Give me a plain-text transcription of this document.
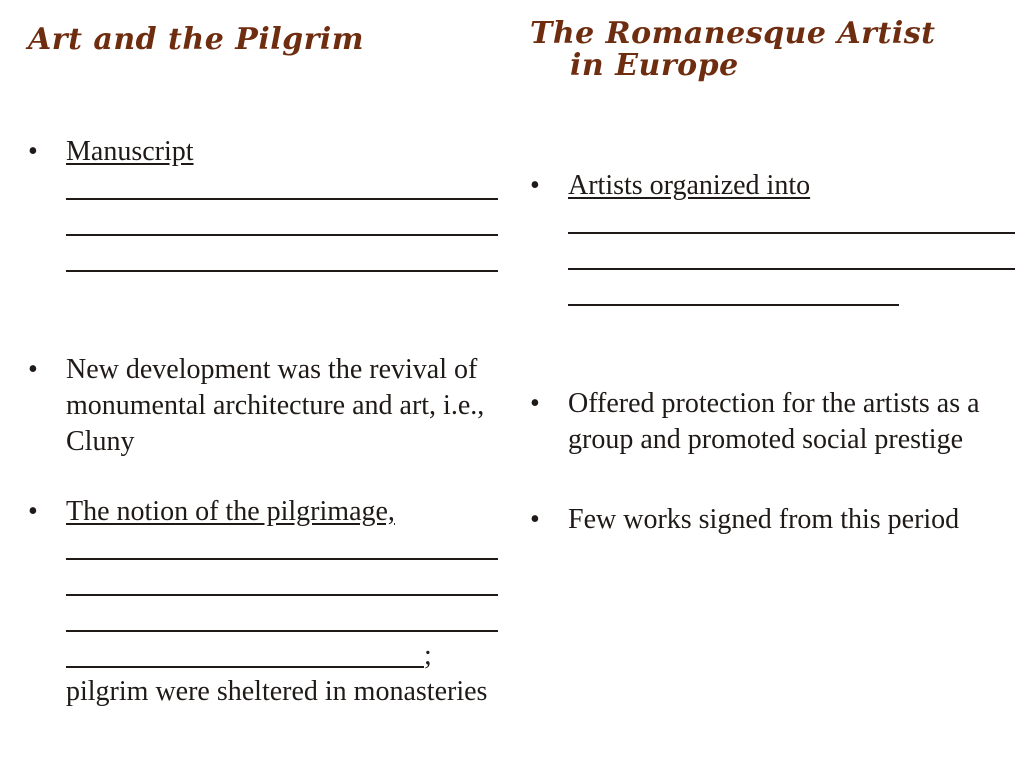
Art and the Pilgrim	The Romanesque Artist
in Europe
• Manuscript
• New development was the revival of monumental architecture and art, i.e., Cluny
• The notion of the pilgrimage,
;
pilgrim were sheltered in monasteries
• Artists organized into
• Offered protection for the artists as a group and promoted social prestige
• Few works signed from this period
